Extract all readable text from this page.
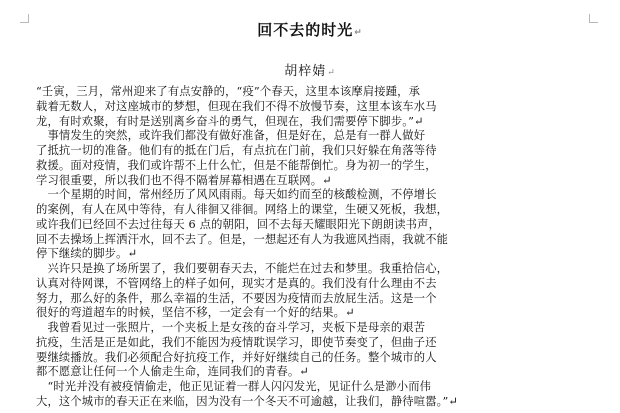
回不去的时光↵
胡梓婧↵
“壬寅，三月，常州迎来了有点安静的，“疫”个春天，这里本该摩肩接踵，承
载着无数人，对这座城市的梦想，但现在我们不得不放慢节奏，这里本该车水马
龙，有时欢聚，有时是送别离乡奋斗的勇气，但现在，我们需要停下脚步。”↵
　事情发生的突然，或许我们都没有做好准备，但是好在，总是有一群人做好
了抵抗一切的准备。他们有的抵在门后，有点抗在门前，我们只好躲在角落等待
救援。面对疫情，我们或许帮不上什么忙，但是不能帮倒忙。身为初一的学生，
学习很重要，所以我们也不得不隔着屏幕相遇在互联网。↵
　一个星期的时间，常州经历了风风雨雨。每天如约而至的核酸检测，不停增长
的案例，有人在风中等待，有人徘徊又徘徊。网络上的课堂，生硬又死板，我想，
或许我们已经回不去过往每天 6 点的朝阳，回不去每天耀眼阳光下朗朗读书声，
回不去操场上挥洒汗水，回不去了。但是，一想起还有人为我遮风挡雨，我就不能
停下继续的脚步。↵
　兴许只是换了场所罢了，我们要朝春天去，不能烂在过去和梦里。我重拾信心，
认真对待网课，不管网络上的样子如何，现实才是真的。我们没有什么理由不去
努力，那么好的条件，那么幸福的生活，不要因为疫情而去放屁生活。这是一个
很好的弯道超车的时候，坚信不移，一定会有一个好的结果。↵
　我曾看见过一张照片，一个夹板上是女孩的奋斗学习，夹板下是母亲的艰苦
抗疫，生活是正是如此，我们不能因为疫情耽误学习，即使节奏变了，但曲子还
要继续播放。我们必须配合好抗疫工作，并好好继续自己的任务。整个城市的人
都不愿意让任何一个人偷走生命，连同我们的青春。↵
　“时光并没有被疫情偷走，他正见证着一群人闪闪发光，见证什么是渺小而伟
大，这个城市的春天正在来临，因为没有一个冬天不可逾越，让我们，静待喧嚣。”↵
